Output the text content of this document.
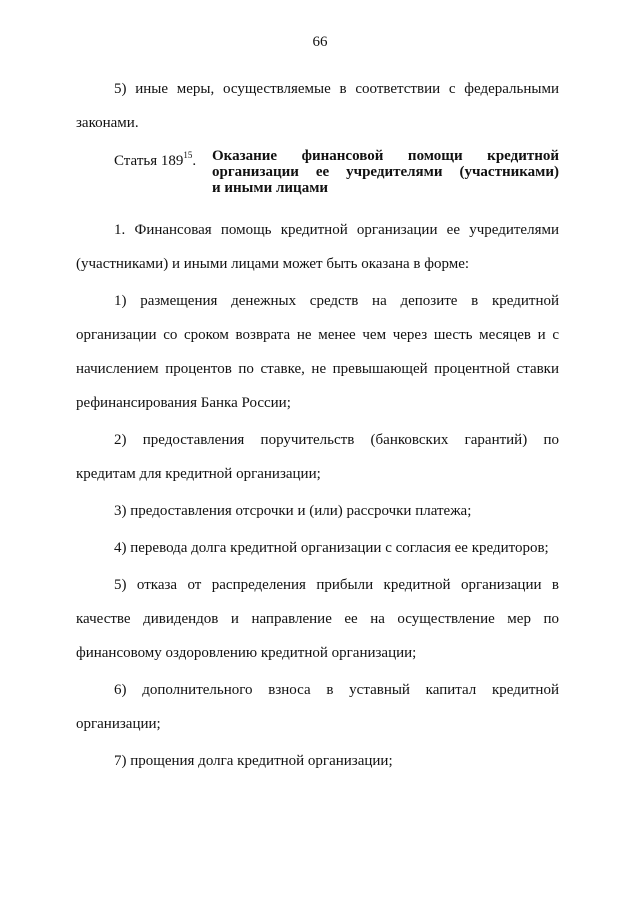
66

5) иные меры, осуществляемые в соответствии с федеральными законами.

Статья $189^{15}$.	Оказание финансовой помощи кредитной
организации ее учредителями (участниками)
и иными лицами

1. Финансовая помощь кредитной организации ее учредителями (участниками) и иными лицами может быть оказана в форме:

1) размещения денежных средств на депозите в кредитной организации со сроком возврата не менее чем через шесть месяцев и с начислением процентов по ставке, не превышающей процентной ставки рефинансирования Банка России;

2) предоставления поручительств (банковских гарантий) по кредитам для кредитной организации;

3) предоставления отсрочки и (или) рассрочки платежа;

4) перевода долга кредитной организации с согласия ее кредиторов;

5) отказа от распределения прибыли кредитной организации в качестве дивидендов и направление ее на осуществление мер по финансовому оздоровлению кредитной организации;

6) дополнительного взноса в уставный капитал кредитной организации;

7) прощения долга кредитной организации;
